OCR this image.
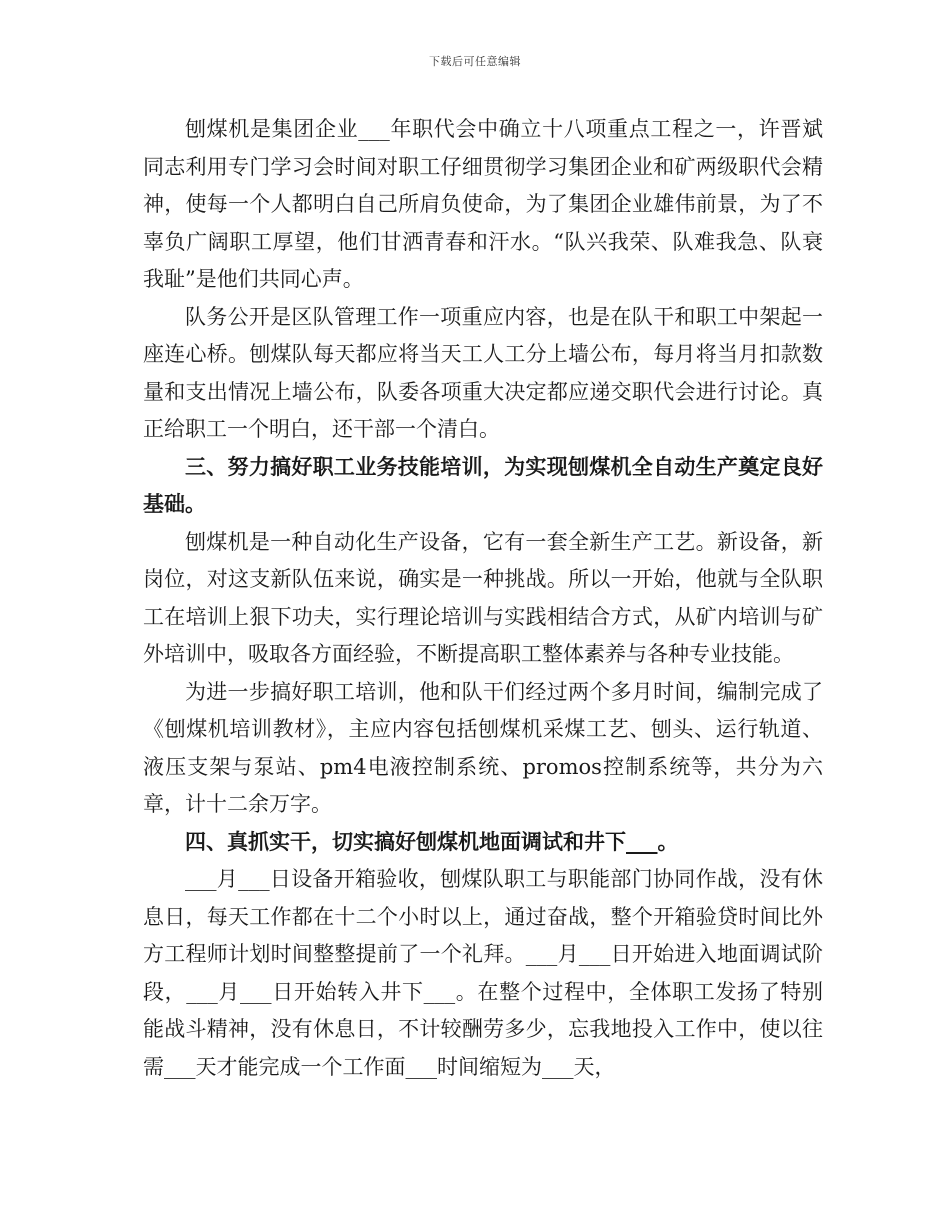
下载后可任意编辑

刨煤机是集团企业___年职代会中确立十八项重点工程之一，许晋斌同志利用专门学习会时间对职工仔细贯彻学习集团企业和矿两级职代会精神，使每一个人都明白自己所肩负使命，为了集团企业雄伟前景，为了不辜负广阔职工厚望，他们甘洒青春和汗水。“队兴我荣、队难我急、队衰我耻”是他们共同心声。

队务公开是区队管理工作一项重应内容，也是在队干和职工中架起一座连心桥。刨煤队每天都应将当天工人工分上墙公布，每月将当月扣款数量和支出情况上墙公布，队委各项重大决定都应递交职代会进行讨论。真正给职工一个明白，还干部一个清白。

三、努力搞好职工业务技能培训，为实现刨煤机全自动生产奠定良好基础。

刨煤机是一种自动化生产设备，它有一套全新生产工艺。新设备，新岗位，对这支新队伍来说，确实是一种挑战。所以一开始，他就与全队职工在培训上狠下功夫，实行理论培训与实践相结合方式，从矿内培训与矿外培训中，吸取各方面经验，不断提高职工整体素养与各种专业技能。

为进一步搞好职工培训，他和队干们经过两个多月时间，编制完成了《刨煤机培训教材》，主应内容包括刨煤机采煤工艺、刨头、运行轨道、液压支架与泵站、pm4电液控制系统、promos控制系统等，共分为六章，计十二余万字。

四、真抓实干，切实搞好刨煤机地面调试和井下___。

___月___日设备开箱验收，刨煤队职工与职能部门协同作战，没有休息日，每天工作都在十二个小时以上，通过奋战，整个开箱验贷时间比外方工程师计划时间整整提前了一个礼拜。___月___日开始进入地面调试阶段，___月___日开始转入井下___。在整个过程中，全体职工发扬了特别能战斗精神，没有休息日，不计较酬劳多少，忘我地投入工作中，使以往需___天才能完成一个工作面___时间缩短为___天，
